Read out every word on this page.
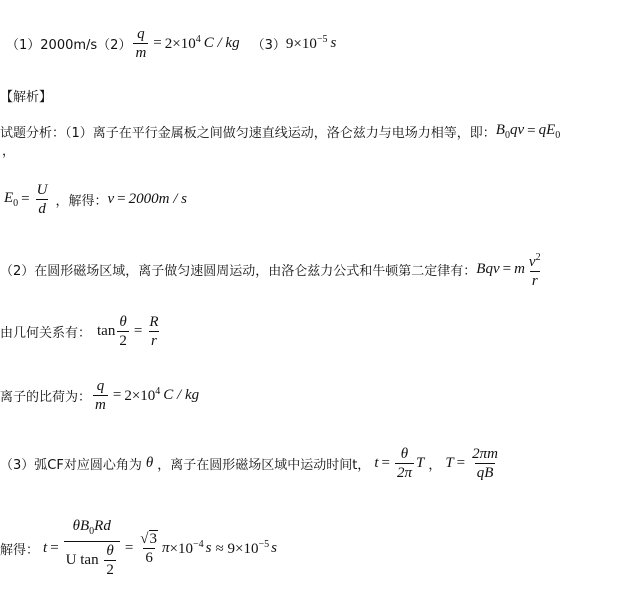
$(1)2000m/s(2) \frac{q}{m} = 2\times 10^4$ C / kg （3） $9\times 10^{-5}$ s
【解析】
试题分析：（1）离子在平行金属板之间做匀速直线运动，洛仑兹力与电场力相等，即： $B_0qv = qE_0$
，
$E_0 = \frac{U}{d}$ ，解得： v = 2000m / s
（2）在圆形磁场区域，离子做匀速圆周运动，由洛仑兹力公式和牛顿第二定律有： Bqv = m $\frac{v^2}{r}$
由几何关系有： $\tan \frac{\theta}{2} = \frac{R}{r}$
离子的比荷为： $\frac{q}{m} = 2\times 10^4$ C / kg
（3）弧CF对应圆心角为 θ ，离子在圆形磁场区域中运动时间t， $t = \frac{\theta}{2\pi}$ T ， $T = \frac{2\pi m}{qB}$
解得： $t = \frac{\theta B_0Rd}{U \tan \frac{\theta}{2}} = \frac{√ 3}{6}$ $\pi \times 10^{-4}$ $s \approx 9\times 10^{-5}$ s
